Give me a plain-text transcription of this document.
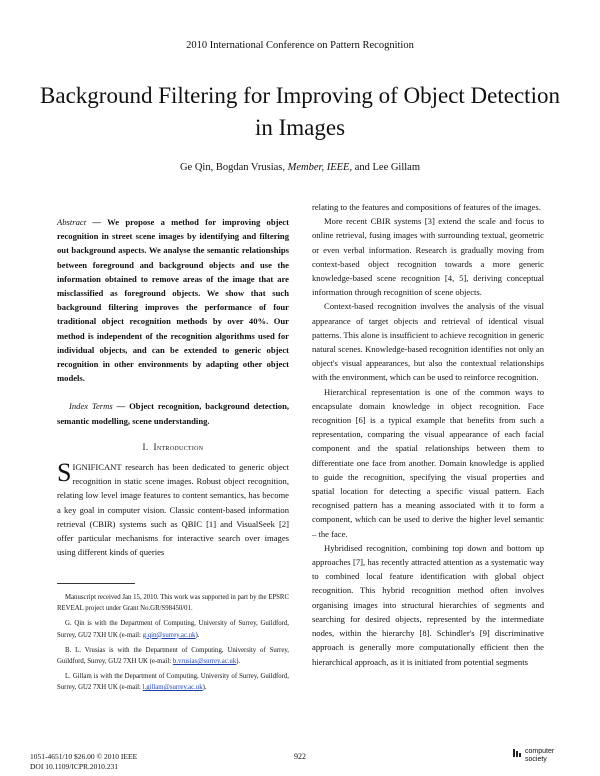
2010 International Conference on Pattern Recognition
Background Filtering for Improving of Object Detection in Images
Ge Qin, Bogdan Vrusias, Member, IEEE, and Lee Gillam

Abstract — We propose a method for improving object recognition in street scene images by identifying and filtering out background aspects. We analyse the semantic relationships between foreground and background objects and use the information obtained to remove areas of the image that are misclassified as foreground objects. We show that such background filtering improves the performance of four traditional object recognition methods by over 40%. Our method is independent of the recognition algorithms used for individual objects, and can be extended to generic object recognition in other environments by adapting other object models.

Index Terms — Object recognition, background detection, semantic modelling, scene understanding.

I. Introduction

SIGNIFICANT research has been dedicated to generic object recognition in static scene images. Robust object recognition, relating low level image features to content semantics, has become a key goal in computer vision. Classic content-based information retrieval (CBIR) systems such as QBIC [1] and VisualSeek [2] offer particular mechanisms for interactive search over images using different kinds of queries

Manuscript received Jan 15, 2010. This work was supported in part by the EPSRC REVEAL project under Grant No.GR/S98450/01.

G. Qin is with the Department of Computing, University of Surrey, Guildford, Surrey, GU2 7XH UK (e-mail: g.qin@surrey.ac.uk).

B. L. Vrusias is with the Department of Computing, University of Surrey, Guildford, Surrey, GU2 7XH UK (e-mail: b.vrusias@surrey.ac.uk).

L. Gillam is with the Department of Computing, University of Surrey, Guildford, Surrey, GU2 7XH UK (e-mail: l.gillam@surrey.ac.uk).

relating to the features and compositions of features of the images.

More recent CBIR systems [3] extend the scale and focus to online retrieval, fusing images with surrounding textual, geometric or even verbal information. Research is gradually moving from context-based object recognition towards a more generic knowledge-based scene recognition [4, 5], deriving conceptual information through recognition of scene objects.

Context-based recognition involves the analysis of the visual appearance of target objects and retrieval of identical visual patterns. This alone is insufficient to achieve recognition in generic natural scenes. Knowledge-based recognition identifies not only an object's visual appearances, but also the contextual relationships with the environment, which can be used to reinforce recognition.

Hierarchical representation is one of the common ways to encapsulate domain knowledge in object recognition. Face recognition [6] is a typical example that benefits from such a representation, comparing the visual appearance of each facial component and the spatial relationships between them to differentiate one face from another. Domain knowledge is applied to guide the recognition, specifying the visual properties and spatial location for detecting a specific visual pattern. Each recognised pattern has a meaning associated with it to form a component, which can be used to derive the higher level semantic – the face.

Hybridised recognition, combining top down and bottom up approaches [7], has recently attracted attention as a systematic way to combined local feature identification with global object recognition. This hybrid recognition method often involves organising images into structural hierarchies of segments and searching for desired objects, represented by the intermediate nodes, within the hierarchy [8]. Schindler's [9] discriminative approach is generally more computationally efficient then the hierarchical approach, as it is initiated from potential segments

1051-4651/10 $26.00 © 2010 IEEE
DOI 10.1109/ICPR.2010.231
922
computer
society
